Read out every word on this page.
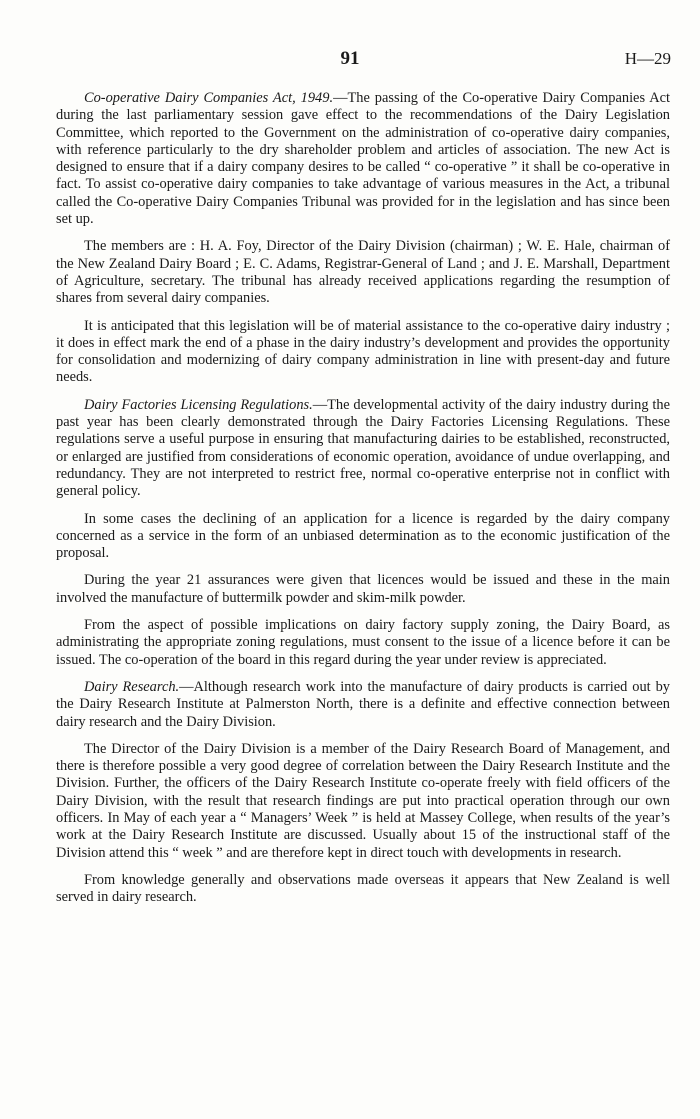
91	H—29

Co-operative Dairy Companies Act, 1949.—The passing of the Co-operative Dairy Companies Act during the last parliamentary session gave effect to the recommendations of the Dairy Legislation Committee, which reported to the Government on the administration of co-operative dairy companies, with reference particularly to the dry shareholder problem and articles of association. The new Act is designed to ensure that if a dairy company desires to be called “ co-operative ” it shall be co-operative in fact. To assist co-operative dairy companies to take advantage of various measures in the Act, a tribunal called the Co-operative Dairy Companies Tribunal was provided for in the legislation and has since been set up.

The members are : H. A. Foy, Director of the Dairy Division (chairman) ; W. E. Hale, chairman of the New Zealand Dairy Board ; E. C. Adams, Registrar-General of Land ; and J. E. Marshall, Department of Agriculture, secretary. The tribunal has already received applications regarding the resumption of shares from several dairy companies.

It is anticipated that this legislation will be of material assistance to the co-operative dairy industry ; it does in effect mark the end of a phase in the dairy industry’s development and provides the opportunity for consolidation and modernizing of dairy company administration in line with present-day and future needs.

Dairy Factories Licensing Regulations.—The developmental activity of the dairy industry during the past year has been clearly demonstrated through the Dairy Factories Licensing Regulations. These regulations serve a useful purpose in ensuring that manufacturing dairies to be established, reconstructed, or enlarged are justified from considerations of economic operation, avoidance of undue overlapping, and redundancy. They are not interpreted to restrict free, normal co-operative enterprise not in conflict with general policy.

In some cases the declining of an application for a licence is regarded by the dairy company concerned as a service in the form of an unbiased determination as to the economic justification of the proposal.

During the year 21 assurances were given that licences would be issued and these in the main involved the manufacture of buttermilk powder and skim-milk powder.

From the aspect of possible implications on dairy factory supply zoning, the Dairy Board, as administrating the appropriate zoning regulations, must consent to the issue of a licence before it can be issued. The co-operation of the board in this regard during the year under review is appreciated.

Dairy Research.—Although research work into the manufacture of dairy products is carried out by the Dairy Research Institute at Palmerston North, there is a definite and effective connection between dairy research and the Dairy Division.

The Director of the Dairy Division is a member of the Dairy Research Board of Management, and there is therefore possible a very good degree of correlation between the Dairy Research Institute and the Division. Further, the officers of the Dairy Research Institute co-operate freely with field officers of the Dairy Division, with the result that research findings are put into practical operation through our own officers. In May of each year a “ Managers’ Week ” is held at Massey College, when results of the year’s work at the Dairy Research Institute are discussed. Usually about 15 of the instructional staff of the Division attend this “ week ” and are therefore kept in direct touch with developments in research.

From knowledge generally and observations made overseas it appears that New Zealand is well served in dairy research.
